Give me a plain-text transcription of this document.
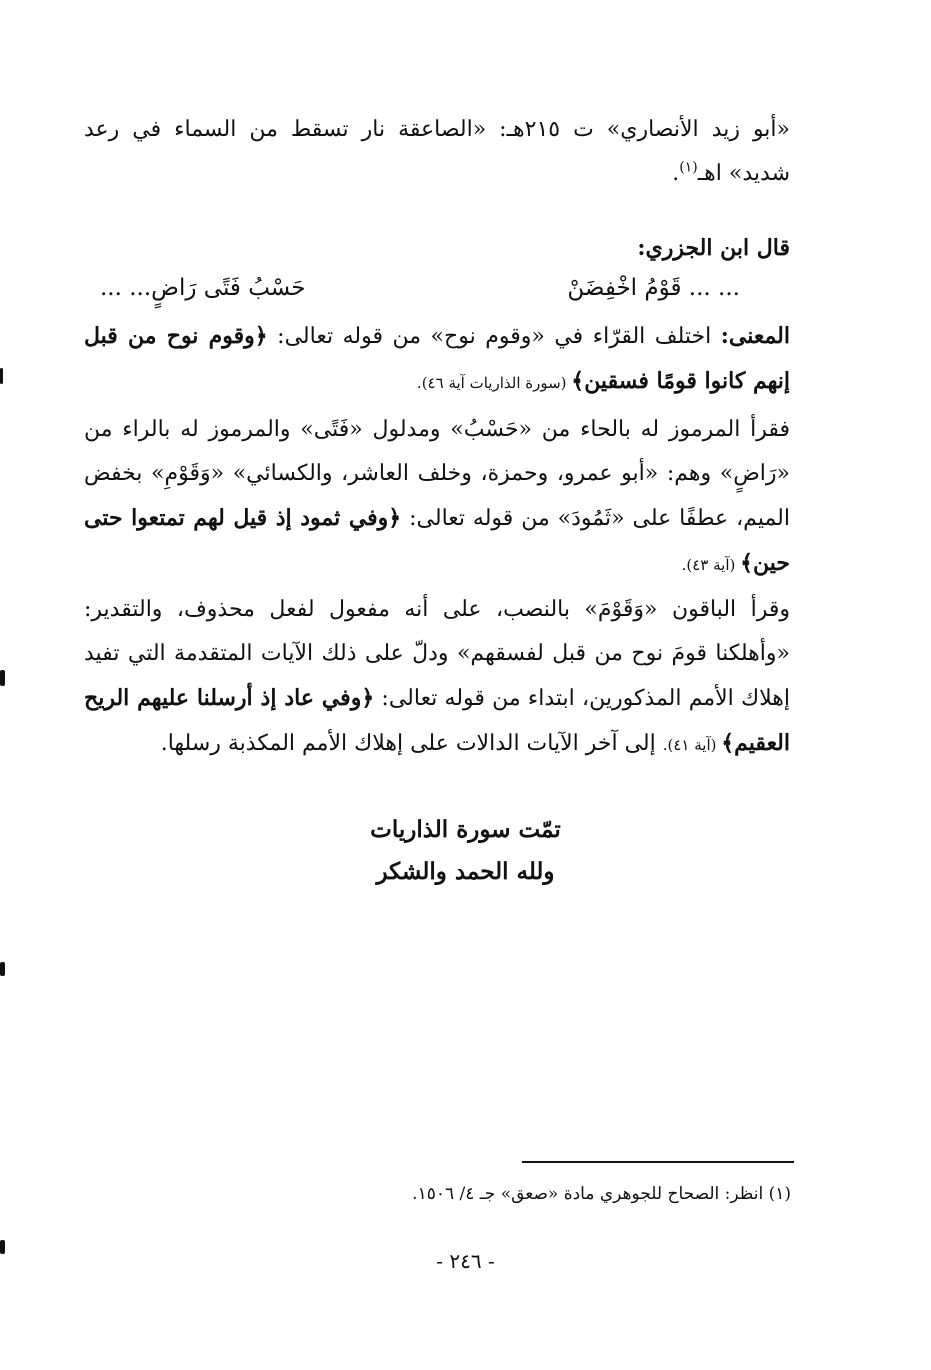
«أبو زيد الأنصاري» ت ٢١٥هـ: «الصاعقة نار تسقط من السماء في رعد شديد» اهـ$^{(١)}$.
قال ابن الجزري:
... ... قَوْمُ اخْفِضَنْ
حَسْبُ فَتًى رَاضٍ... ...
المعنى: اختلف القرّاء في «وقوم نوح» من قوله تعالى: ﴿وقوم نوح من قبل إنهم كانوا قومًا فسقين﴾ (سورة الذاريات آية ٤٦).
فقرأ المرموز له بالحاء من «حَسْبُ» ومدلول «فَتًى» والمرموز له بالراء من «رَاضٍ» وهم: «أبو عمرو، وحمزة، وخلف العاشر، والكسائي» «وَقَوْمِ» بخفض الميم، عطفًا على «ثَمُودَ» من قوله تعالى: ﴿وفي ثمود إذ قيل لهم تمتعوا حتى حين﴾ (آية ٤٣).
وقرأ الباقون «وَقَوْمَ» بالنصب، على أنه مفعول لفعل محذوف، والتقدير: «وأهلكنا قومَ نوح من قبل لفسقهم» ودلّ على ذلك الآيات المتقدمة التي تفيد إهلاك الأمم المذكورين، ابتداء من قوله تعالى: ﴿وفي عاد إذ أرسلنا عليهم الريح العقيم﴾ (آية ٤١). إلى آخر الآيات الدالات على إهلاك الأمم المكذبة رسلها.
تمّت سورة الذاريات
ولله الحمد والشكر
(١) انظر: الصحاح للجوهري مادة «صعق» جـ ٤/ ١٥٠٦.
- ٢٤٦ -
